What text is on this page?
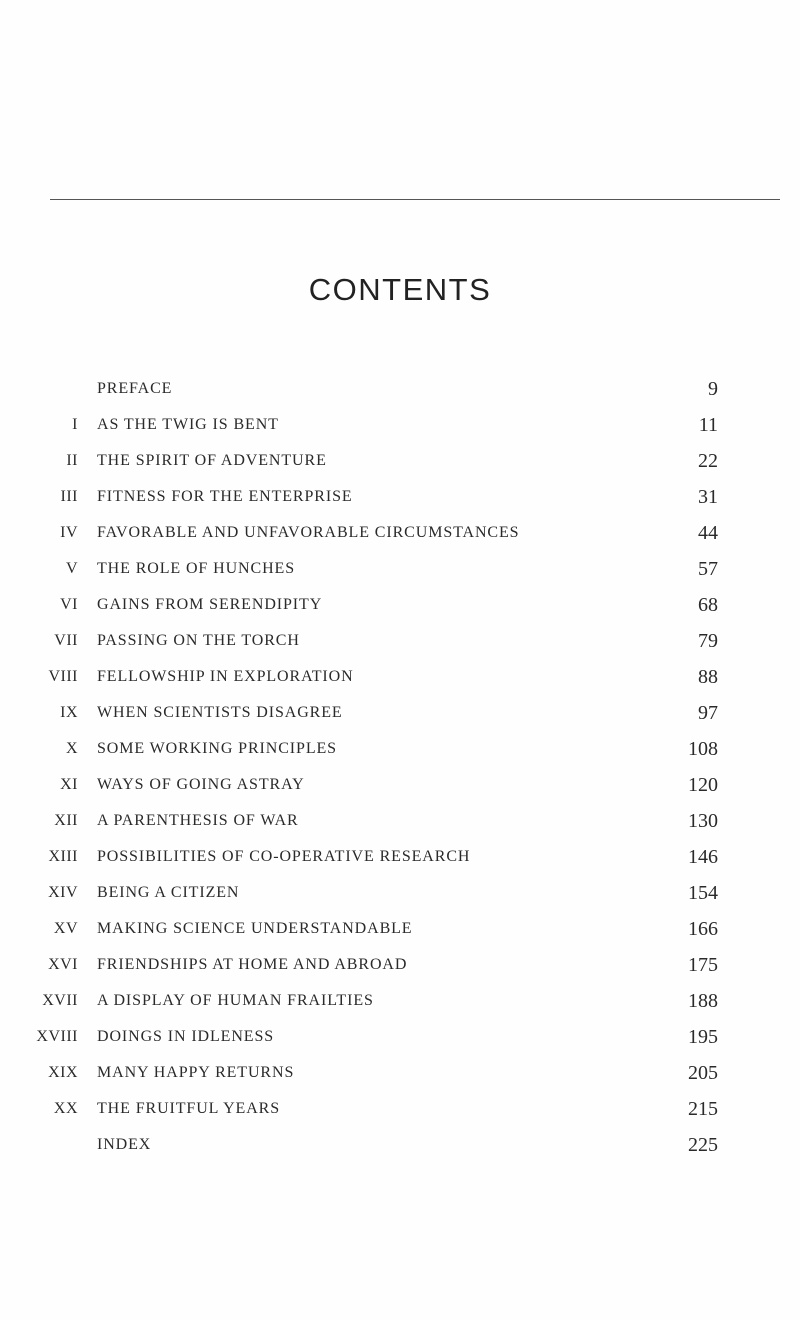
CONTENTS
PREFACE	9
I AS THE TWIG IS BENT	11
II THE SPIRIT OF ADVENTURE	22
III FITNESS FOR THE ENTERPRISE	31
IV FAVORABLE AND UNFAVORABLE CIRCUMSTANCES	44
V THE ROLE OF HUNCHES	57
VI GAINS FROM SERENDIPITY	68
VII PASSING ON THE TORCH	79
VIII FELLOWSHIP IN EXPLORATION	88
IX WHEN SCIENTISTS DISAGREE	97
X SOME WORKING PRINCIPLES	108
XI WAYS OF GOING ASTRAY	120
XII A PARENTHESIS OF WAR	130
XIII POSSIBILITIES OF CO-OPERATIVE RESEARCH	146
XIV BEING A CITIZEN	154
XV MAKING SCIENCE UNDERSTANDABLE	166
XVI FRIENDSHIPS AT HOME AND ABROAD	175
XVII A DISPLAY OF HUMAN FRAILTIES	188
XVIII DOINGS IN IDLENESS	195
XIX MANY HAPPY RETURNS	205
XX THE FRUITFUL YEARS	215
INDEX	225
